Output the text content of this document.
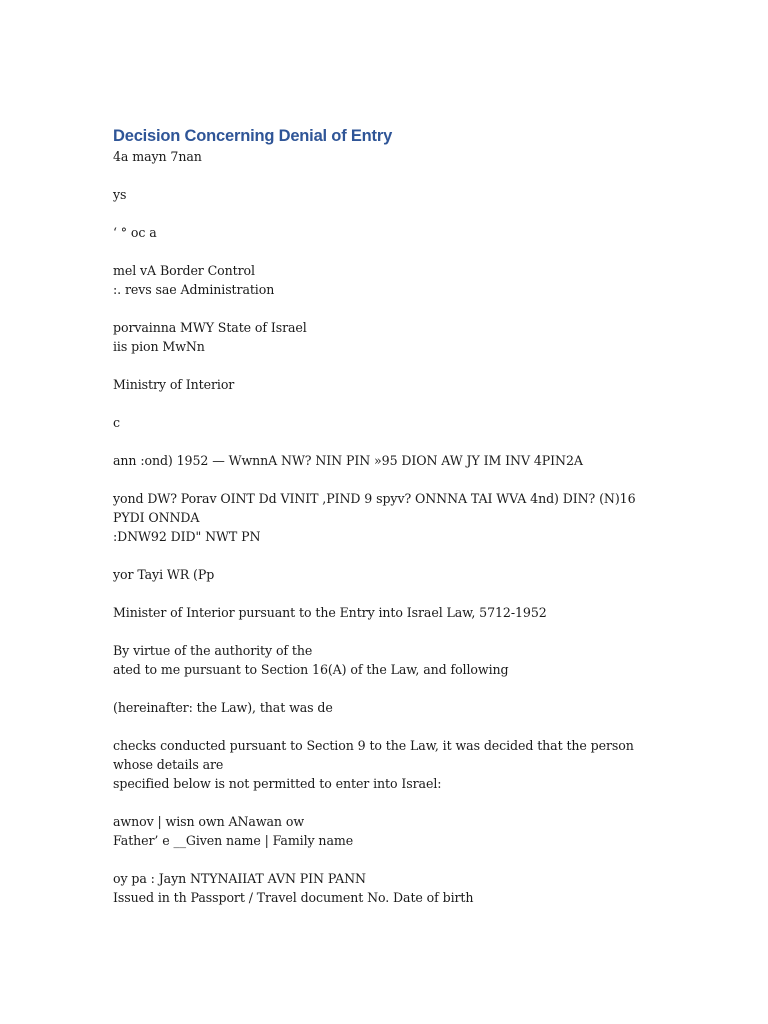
Decision Concerning Denial of Entry

4a mayn 7nan

ys

‘ ° oc a

mel vA Border Control
:. revs sae Administration

porvainna MWY State of Israel
iis pion MwNn

Ministry of Interior

c

ann :ond) 1952 — WwnnA NW? NIN PIN »95 DION AW JY IM INV 4PIN2A

yond DW? Porav OINT Dd VINIT ,PIND 9 spyv? ONNNA TAI WVA 4nd) DIN? (N)16 PYDI ONNDA
:DNW92 DID" NWT PN

yor Tayi WR (Pp

Minister of Interior pursuant to the Entry into Israel Law, 5712-1952

By virtue of the authority of the
ated to me pursuant to Section 16(A) of the Law, and following

(hereinafter: the Law), that was de

checks conducted pursuant to Section 9 to the Law, it was decided that the person whose details are
specified below is not permitted to enter into Israel:

awnov | wisn own ANawan ow
Father’ e __Given name | Family name

oy pa : Jayn NTYNAIIAT AVN PIN PANN
Issued in th Passport / Travel document No. Date of birth
